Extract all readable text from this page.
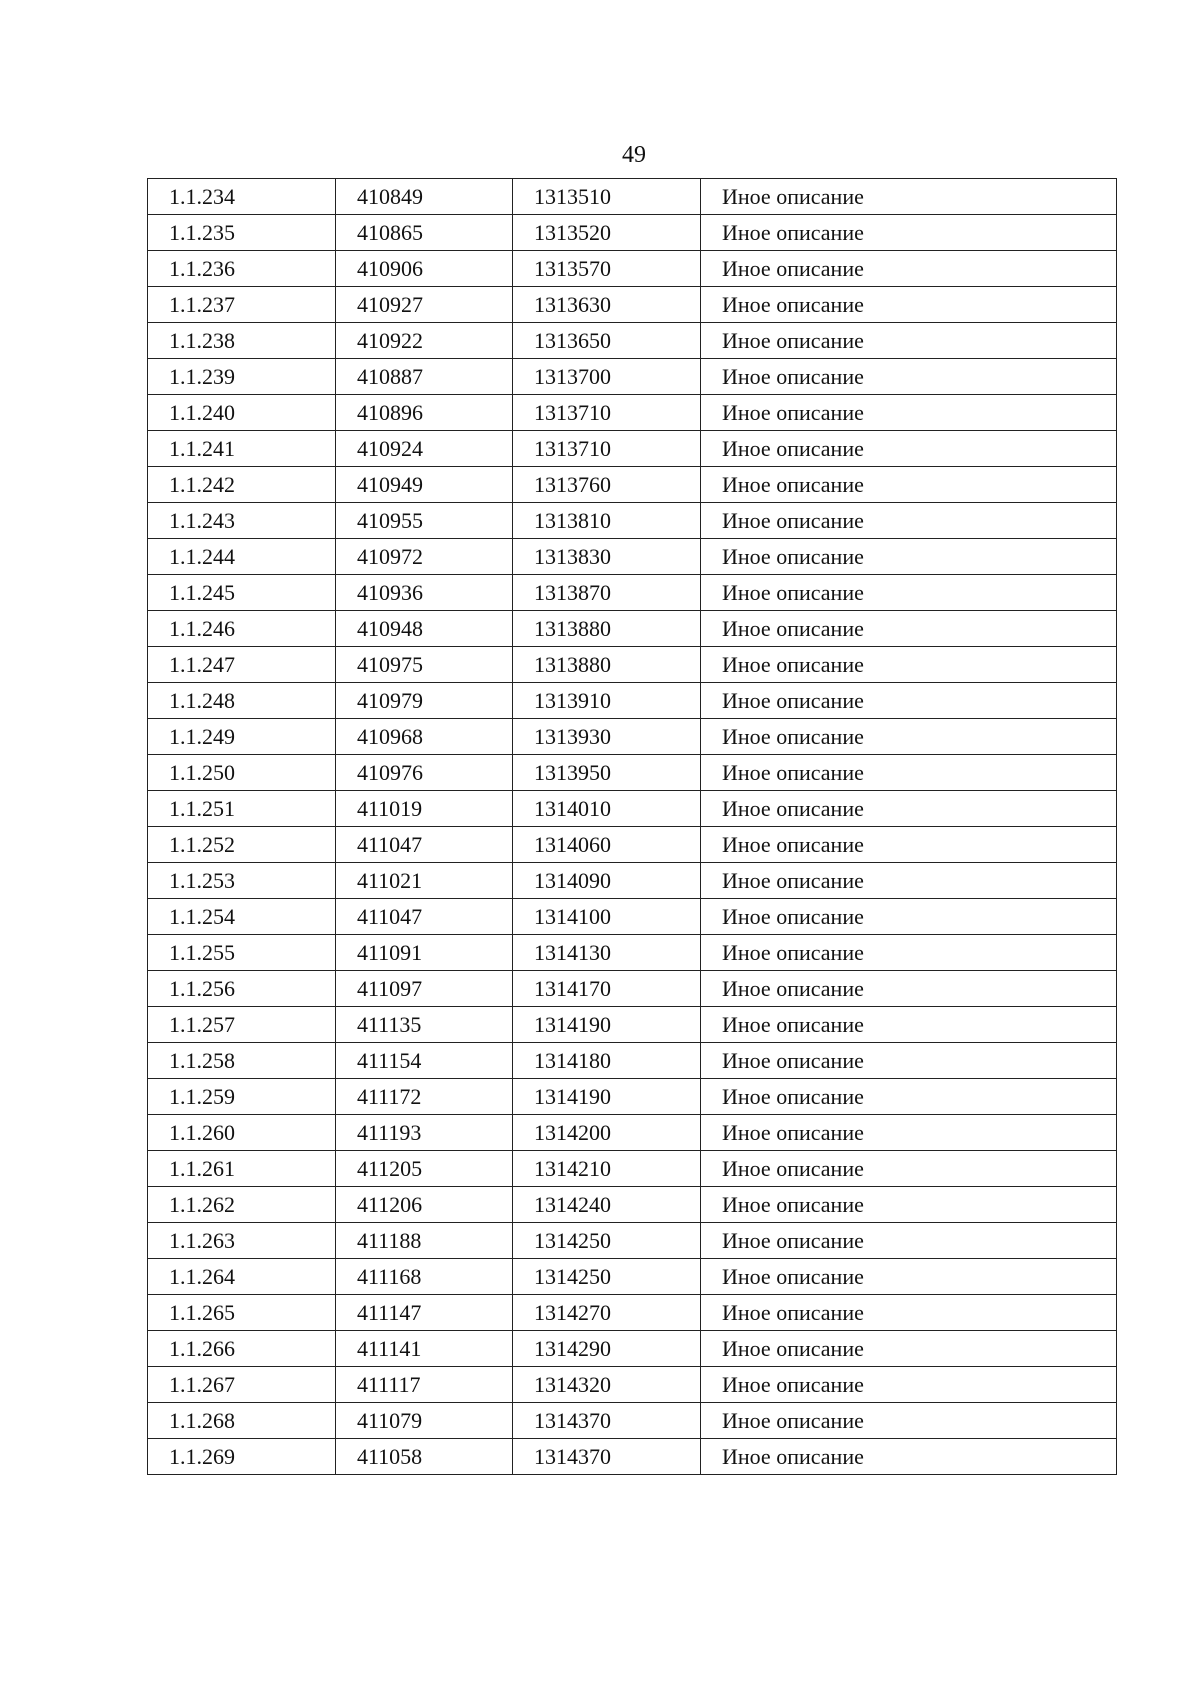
49
1.1.234	410849	1313510	Иное описание
1.1.235	410865	1313520	Иное описание
1.1.236	410906	1313570	Иное описание
1.1.237	410927	1313630	Иное описание
1.1.238	410922	1313650	Иное описание
1.1.239	410887	1313700	Иное описание
1.1.240	410896	1313710	Иное описание
1.1.241	410924	1313710	Иное описание
1.1.242	410949	1313760	Иное описание
1.1.243	410955	1313810	Иное описание
1.1.244	410972	1313830	Иное описание
1.1.245	410936	1313870	Иное описание
1.1.246	410948	1313880	Иное описание
1.1.247	410975	1313880	Иное описание
1.1.248	410979	1313910	Иное описание
1.1.249	410968	1313930	Иное описание
1.1.250	410976	1313950	Иное описание
1.1.251	411019	1314010	Иное описание
1.1.252	411047	1314060	Иное описание
1.1.253	411021	1314090	Иное описание
1.1.254	411047	1314100	Иное описание
1.1.255	411091	1314130	Иное описание
1.1.256	411097	1314170	Иное описание
1.1.257	411135	1314190	Иное описание
1.1.258	411154	1314180	Иное описание
1.1.259	411172	1314190	Иное описание
1.1.260	411193	1314200	Иное описание
1.1.261	411205	1314210	Иное описание
1.1.262	411206	1314240	Иное описание
1.1.263	411188	1314250	Иное описание
1.1.264	411168	1314250	Иное описание
1.1.265	411147	1314270	Иное описание
1.1.266	411141	1314290	Иное описание
1.1.267	411117	1314320	Иное описание
1.1.268	411079	1314370	Иное описание
1.1.269	411058	1314370	Иное описание
